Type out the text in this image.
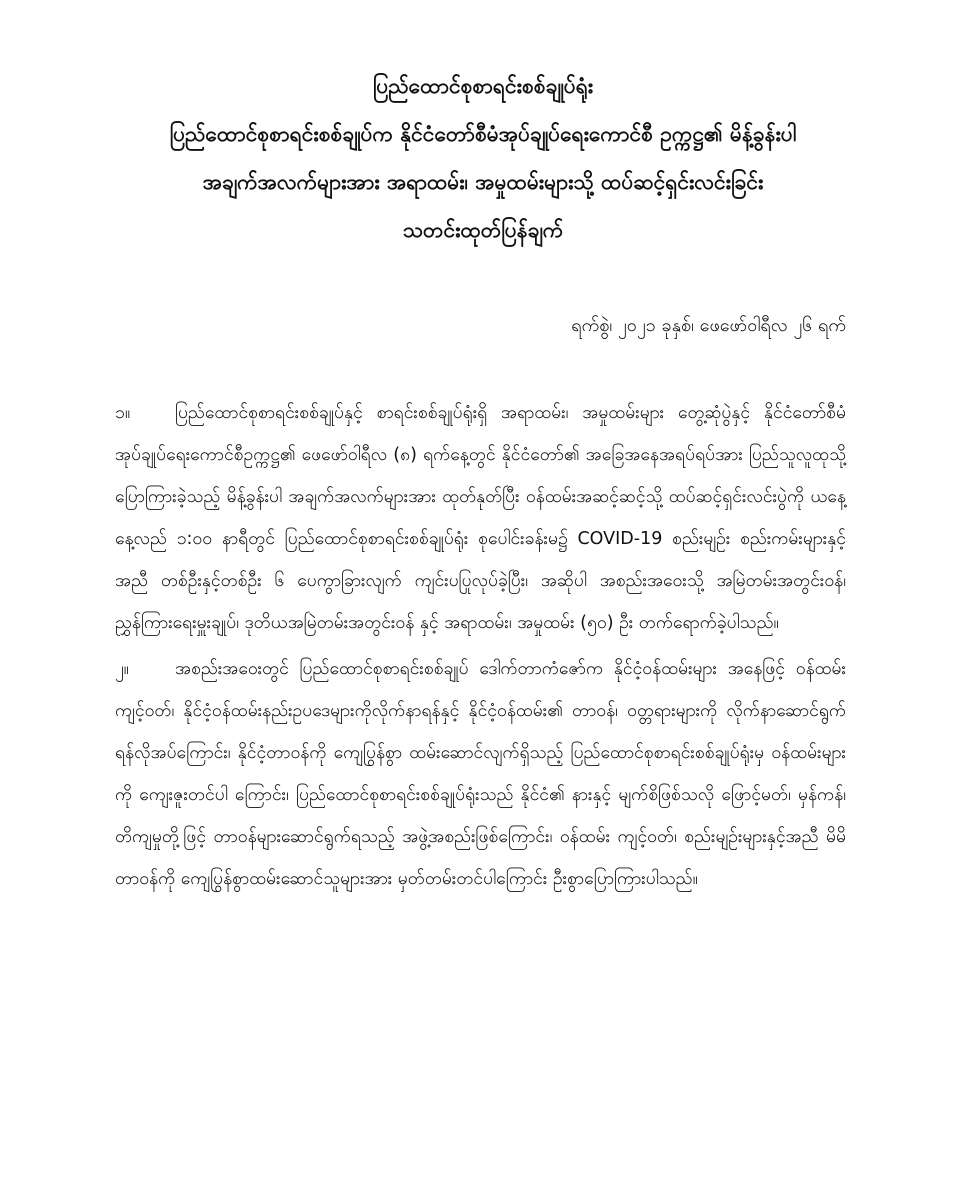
ပြည်ထောင်စုစာရင်းစစ်ချုပ်ရုံး
ပြည်ထောင်စုစာရင်းစစ်ချုပ်က နိုင်ငံတော်စီမံအုပ်ချုပ်ရေးကောင်စီ ဥက္ကဋ္ဌ၏ မိန့်ခွန်းပါ
အချက်အလက်များအား အရာထမ်း၊ အမှုထမ်းများသို့ ထပ်ဆင့်ရှင်းလင်းခြင်း
သတင်းထုတ်ပြန်ချက်
ရက်စွဲ၊ ၂၀၂၁ ခုနှစ်၊ ဖေဖော်ဝါရီလ ၂၆ ရက်

၁။	ပြည်ထောင်စုစာရင်းစစ်ချုပ်နှင့် စာရင်းစစ်ချုပ်ရုံးရှိ အရာထမ်း၊ အမှုထမ်းများ တွေ့ဆုံပွဲနှင့် နိုင်ငံတော်စီမံအုပ်ချုပ်ရေးကောင်စီဥက္ကဋ္ဌ၏ ဖေဖော်ဝါရီလ (၈) ရက်နေ့တွင် နိုင်ငံတော်၏ အခြေအနေအရပ်ရပ်အား ပြည်သူလူထုသို့ ပြောကြားခဲ့သည့် မိန့်ခွန်းပါ အချက်အလက်များအား ထုတ်နုတ်ပြီး ဝန်ထမ်းအဆင့်ဆင့်သို့ ထပ်ဆင့်ရှင်းလင်းပွဲကို ယနေ့ နေ့လည် ၁:၀၀ နာရီတွင် ပြည်ထောင်စုစာရင်းစစ်ချုပ်ရုံး စုပေါင်းခန်းမ၌ COVID-19 စည်းမျဉ်း စည်းကမ်းများနှင့်အညီ တစ်ဦးနှင့်တစ်ဦး ၆ ပေကွာခြားလျက် ကျင်းပပြုလုပ်ခဲ့ပြီး၊ အဆိုပါ အစည်းအဝေးသို့ အမြဲတမ်းအတွင်းဝန်၊ ညွှန်ကြားရေးမှူးချုပ်၊ ဒုတိယအမြဲတမ်းအတွင်းဝန် နှင့် အရာထမ်း၊ အမှုထမ်း (၅၀) ဦး တက်ရောက်ခဲ့ပါသည်။

၂။	အစည်းအဝေးတွင် ပြည်ထောင်စုစာရင်းစစ်ချုပ် ဒေါက်တာကံဇော်က နိုင်ငံ့ဝန်ထမ်းများ အနေဖြင့် ဝန်ထမ်းကျင့်ဝတ်၊ နိုင်ငံ့ဝန်ထမ်းနည်းဥပဒေများကိုလိုက်နာရန်နှင့် နိုင်ငံ့ဝန်ထမ်း၏ တာဝန်၊ ဝတ္တရားများကို လိုက်နာဆောင်ရွက်ရန်လိုအပ်ကြောင်း၊ နိုင်ငံ့တာဝန်ကို ကျေပြွန်စွာ ထမ်းဆောင်လျက်ရှိသည့် ပြည်ထောင်စုစာရင်းစစ်ချုပ်ရုံးမှ ဝန်ထမ်းများကို ကျေးဇူးတင်ပါ ကြောင်း၊ ပြည်ထောင်စုစာရင်းစစ်ချုပ်ရုံးသည် နိုင်ငံ၏ နားနှင့် မျက်စိဖြစ်သလို ဖြောင့်မတ်၊ မှန်ကန်၊ တိကျမှုတို့ဖြင့် တာဝန်များဆောင်ရွက်ရသည့် အဖွဲ့အစည်းဖြစ်ကြောင်း၊ ဝန်ထမ်း ကျင့်ဝတ်၊ စည်းမျဉ်းများနှင့်အညီ မိမိတာဝန်ကို ကျေပြွန်စွာထမ်းဆောင်သူများအား မှတ်တမ်းတင်ပါကြောင်း ဦးစွာပြောကြားပါသည်။
